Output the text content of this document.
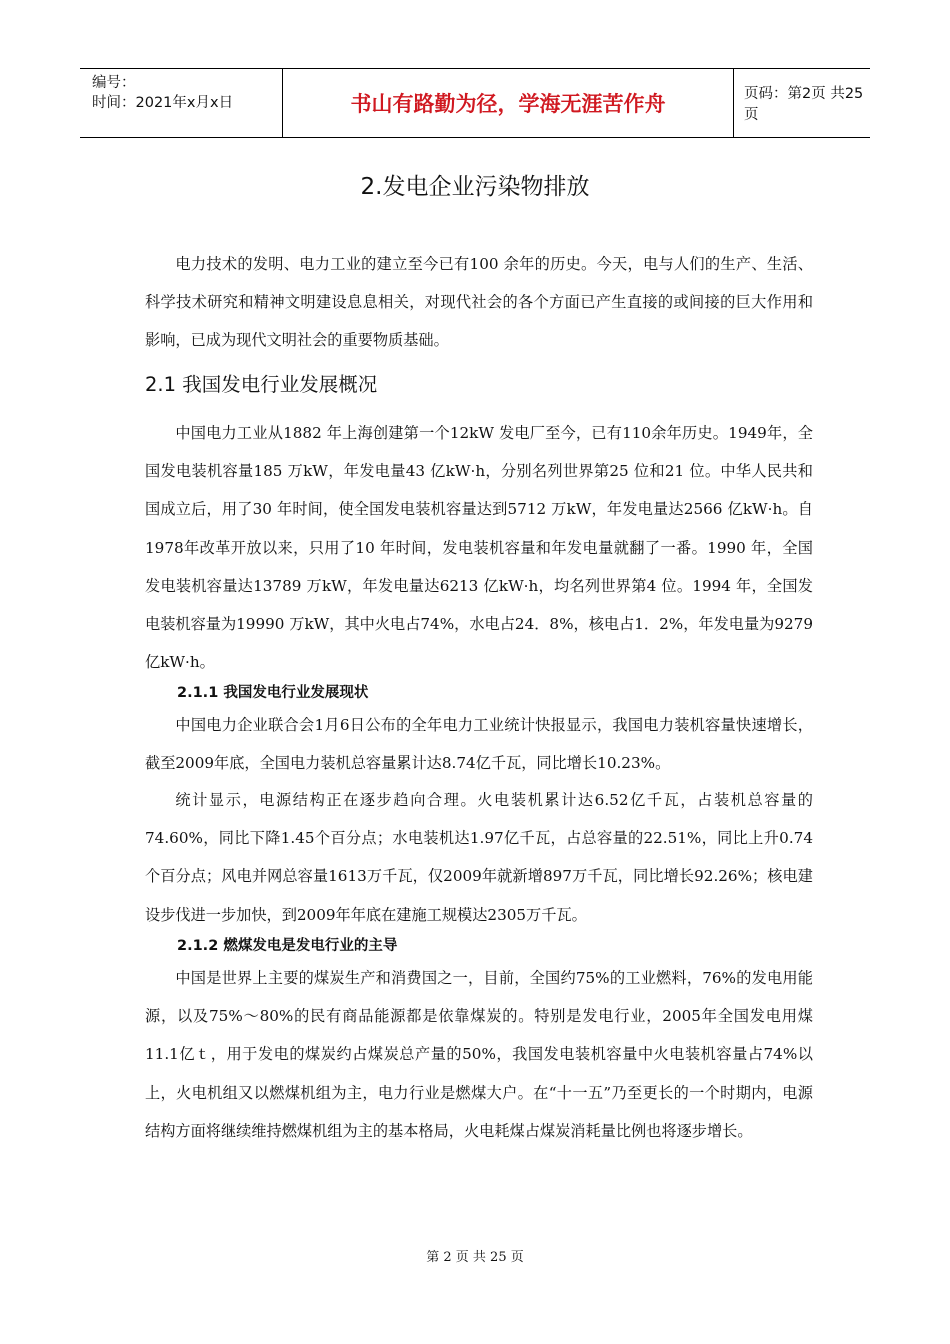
编号：
时间：2021年x月x日	书山有路勤为径，学海无涯苦作舟	页码：第2页 共25页
2.发电企业污染物排放

电力技术的发明、电力工业的建立至今已有100 余年的历史。今天，电与人们的生产、生活、科学技术研究和精神文明建设息息相关，对现代社会的各个方面已产生直接的或间接的巨大作用和影响，已成为现代文明社会的重要物质基础。

2.1 我国发电行业发展概况

中国电力工业从1882 年上海创建第一个12kW 发电厂至今，已有110余年历史。1949年，全国发电装机容量185 万kW，年发电量43 亿kW·h，分别名列世界第25 位和21 位。中华人民共和国成立后，用了30 年时间，使全国发电装机容量达到5712 万kW，年发电量达2566 亿kW·h。自1978年改革开放以来，只用了10 年时间，发电装机容量和年发电量就翻了一番。1990 年，全国发电装机容量达13789 万kW，年发电量达6213 亿kW·h，均名列世界第4 位。1994 年，全国发电装机容量为19990 万kW，其中火电占74%，水电占24．8%，核电占1．2%，年发电量为9279 亿kW·h。

2.1.1 我国发电行业发展现状

中国电力企业联合会1月6日公布的全年电力工业统计快报显示，我国电力装机容量快速增长，截至2009年底，全国电力装机总容量累计达8.74亿千瓦，同比增长10.23%。

统计显示，电源结构正在逐步趋向合理。火电装机累计达6.52亿千瓦，占装机总容量的74.60%，同比下降1.45个百分点；水电装机达1.97亿千瓦，占总容量的22.51%，同比上升0.74个百分点；风电并网总容量1613万千瓦，仅2009年就新增897万千瓦，同比增长92.26%；核电建设步伐进一步加快，到2009年年底在建施工规模达2305万千瓦。

2.1.2 燃煤发电是发电行业的主导

中国是世界上主要的煤炭生产和消费国之一，目前，全国约75%的工业燃料，76%的发电用能源，以及75%～80%的民有商品能源都是依靠煤炭的。特别是发电行业，2005年全国发电用煤11.1亿ｔ，用于发电的煤炭约占煤炭总产量的50%，我国发电装机容量中火电装机容量占74%以上，火电机组又以燃煤机组为主，电力行业是燃煤大户。在“十一五”乃至更长的一个时期内，电源结构方面将继续维持燃煤机组为主的基本格局，火电耗煤占煤炭消耗量比例也将逐步增长。

第 2 页 共 25 页
